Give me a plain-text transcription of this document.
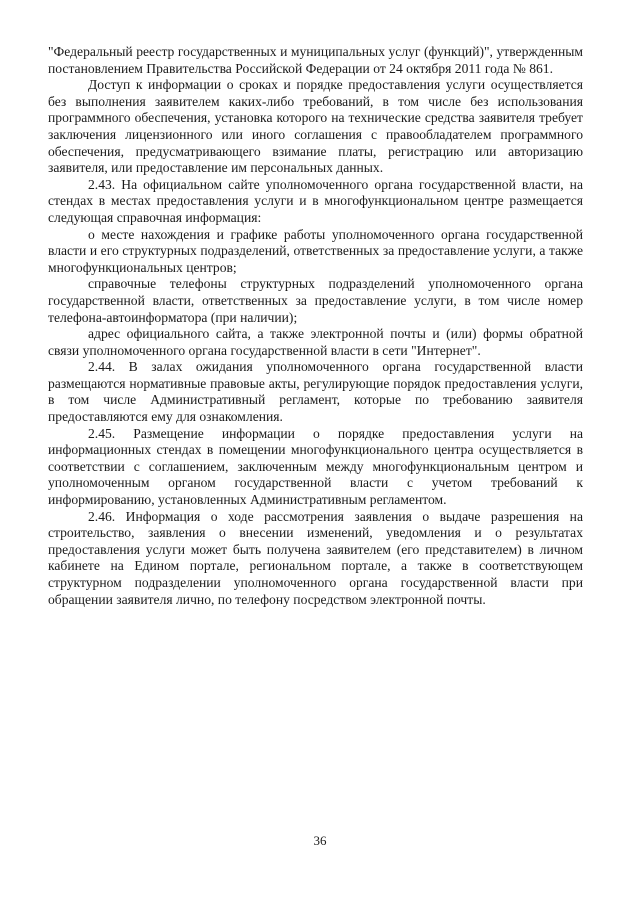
"Федеральный реестр государственных и муниципальных услуг (функций)", утвержденным постановлением Правительства Российской Федерации от 24 октября 2011 года № 861.

Доступ к информации о сроках и порядке предоставления услуги осуществляется без выполнения заявителем каких-либо требований, в том числе без использования программного обеспечения, установка которого на технические средства заявителя требует заключения лицензионного или иного соглашения с правообладателем программного обеспечения, предусматривающего взимание платы, регистрацию или авторизацию заявителя, или предоставление им персональных данных.

2.43. На официальном сайте уполномоченного органа государственной власти, на стендах в местах предоставления услуги и в многофункциональном центре размещается следующая справочная информация:

о месте нахождения и графике работы уполномоченного органа государственной власти и его структурных подразделений, ответственных за предоставление услуги, а также многофункциональных центров;

справочные телефоны структурных подразделений уполномоченного органа государственной власти, ответственных за предоставление услуги, в том числе номер телефона-автоинформатора (при наличии);

адрес официального сайта, а также электронной почты и (или) формы обратной связи уполномоченного органа государственной власти в сети "Интернет".

2.44. В залах ожидания уполномоченного органа государственной власти размещаются нормативные правовые акты, регулирующие порядок предоставления услуги, в том числе Административный регламент, которые по требованию заявителя предоставляются ему для ознакомления.

2.45. Размещение информации о порядке предоставления услуги на информационных стендах в помещении многофункционального центра осуществляется в соответствии с соглашением, заключенным между многофункциональным центром и уполномоченным органом государственной власти с учетом требований к информированию, установленных Административным регламентом.

2.46. Информация о ходе рассмотрения заявления о выдаче разрешения на строительство, заявления о внесении изменений, уведомления и о результатах предоставления услуги может быть получена заявителем (его представителем) в личном кабинете на Едином портале, региональном портале, а также в соответствующем структурном подразделении уполномоченного органа государственной власти при обращении заявителя лично, по телефону посредством электронной почты.

36
